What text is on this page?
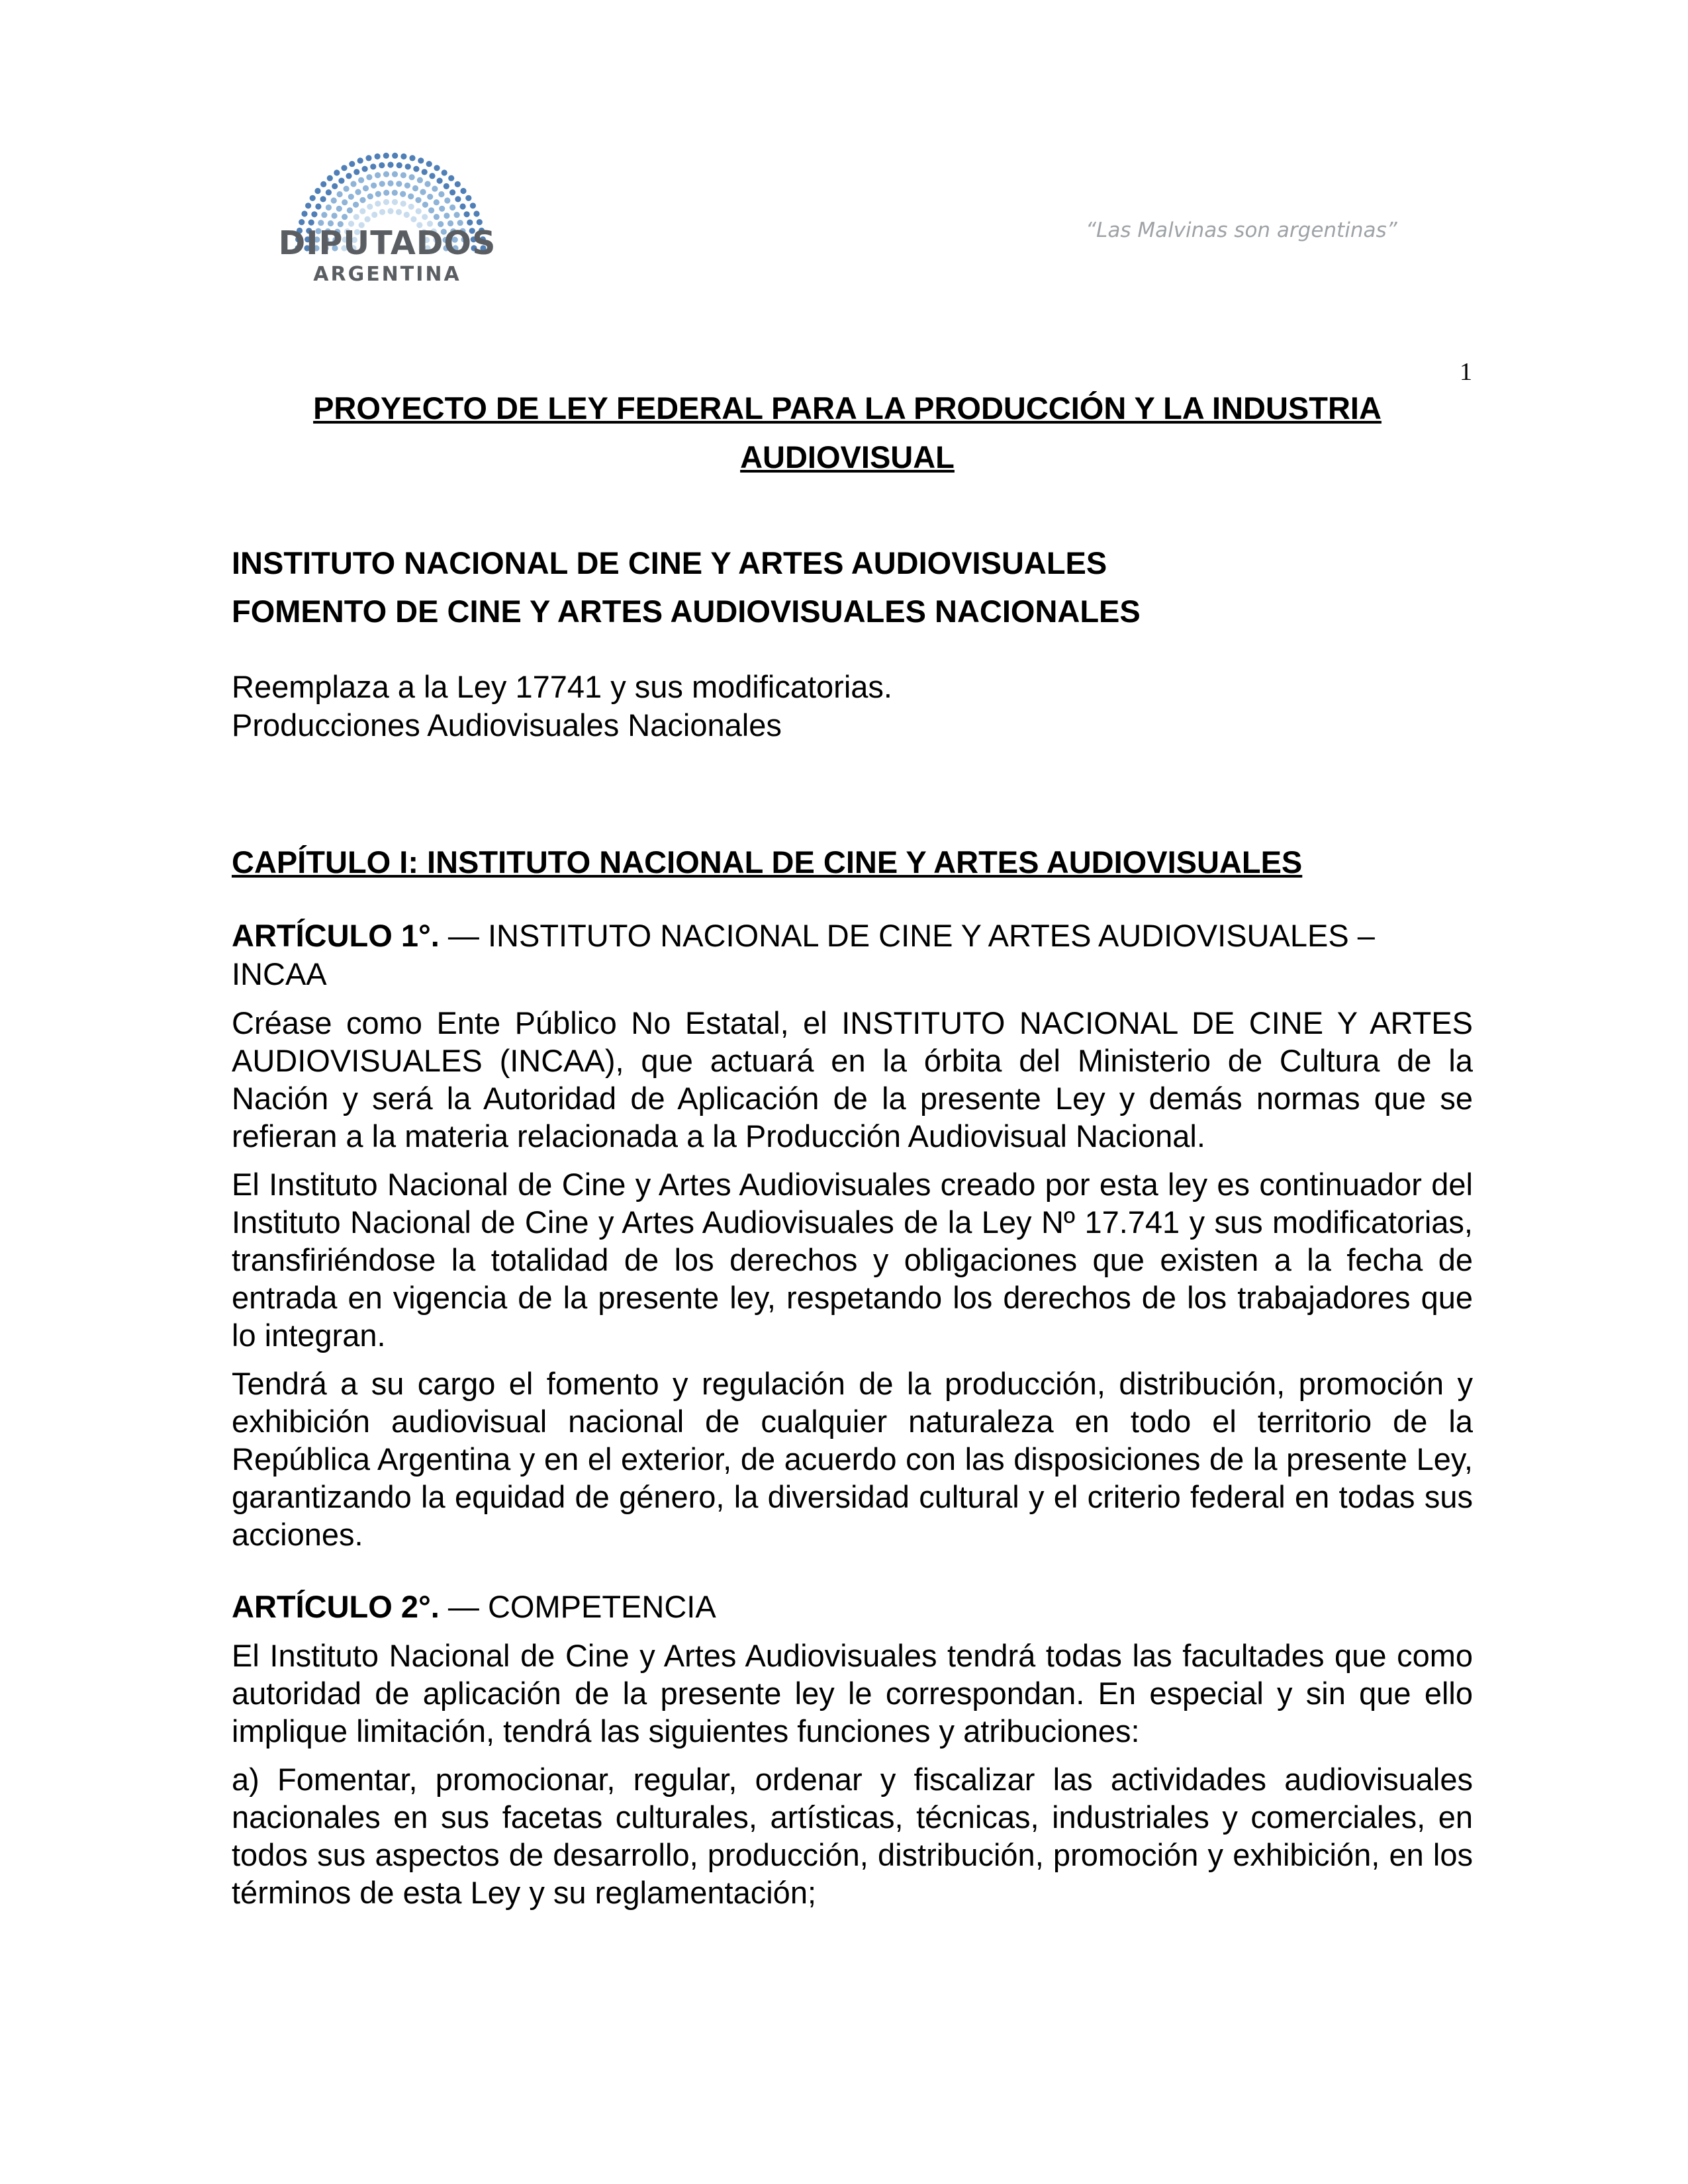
DIPUTADOS
ARGENTINA
“Las Malvinas son argentinas”
1
PROYECTO DE LEY FEDERAL PARA LA PRODUCCIÓN Y LA INDUSTRIA AUDIOVISUAL
INSTITUTO NACIONAL DE CINE Y ARTES AUDIOVISUALES
FOMENTO DE CINE Y ARTES AUDIOVISUALES NACIONALES
Reemplaza a la Ley 17741 y sus modificatorias.
Producciones Audiovisuales Nacionales
CAPÍTULO I: INSTITUTO NACIONAL DE CINE Y ARTES AUDIOVISUALES
ARTÍCULO 1°. — INSTITUTO NACIONAL DE CINE Y ARTES AUDIOVISUALES – INCAA
Créase como Ente Público No Estatal, el INSTITUTO NACIONAL DE CINE Y ARTES AUDIOVISUALES (INCAA), que actuará en la órbita del Ministerio de Cultura de la Nación y será la Autoridad de Aplicación de la presente Ley y demás normas que se refieran a la materia relacionada a la Producción Audiovisual Nacional.
El Instituto Nacional de Cine y Artes Audiovisuales creado por esta ley es continuador del Instituto Nacional de Cine y Artes Audiovisuales de la Ley Nº 17.741 y sus modificatorias, transfiriéndose la totalidad de los derechos y obligaciones que existen a la fecha de entrada en vigencia de la presente ley, respetando los derechos de los trabajadores que lo integran.
Tendrá a su cargo el fomento y regulación de la producción, distribución, promoción y exhibición audiovisual nacional de cualquier naturaleza en todo el territorio de la República Argentina y en el exterior, de acuerdo con las disposiciones de la presente Ley, garantizando la equidad de género, la diversidad cultural y el criterio federal en todas sus acciones.
ARTÍCULO 2°. — COMPETENCIA
El Instituto Nacional de Cine y Artes Audiovisuales tendrá todas las facultades que como autoridad de aplicación de la presente ley le correspondan. En especial y sin que ello implique limitación, tendrá las siguientes funciones y atribuciones:
a) Fomentar, promocionar, regular, ordenar y fiscalizar las actividades audiovisuales nacionales en sus facetas culturales, artísticas, técnicas, industriales y comerciales, en todos sus aspectos de desarrollo, producción, distribución, promoción y exhibición, en los términos de esta Ley y su reglamentación;
